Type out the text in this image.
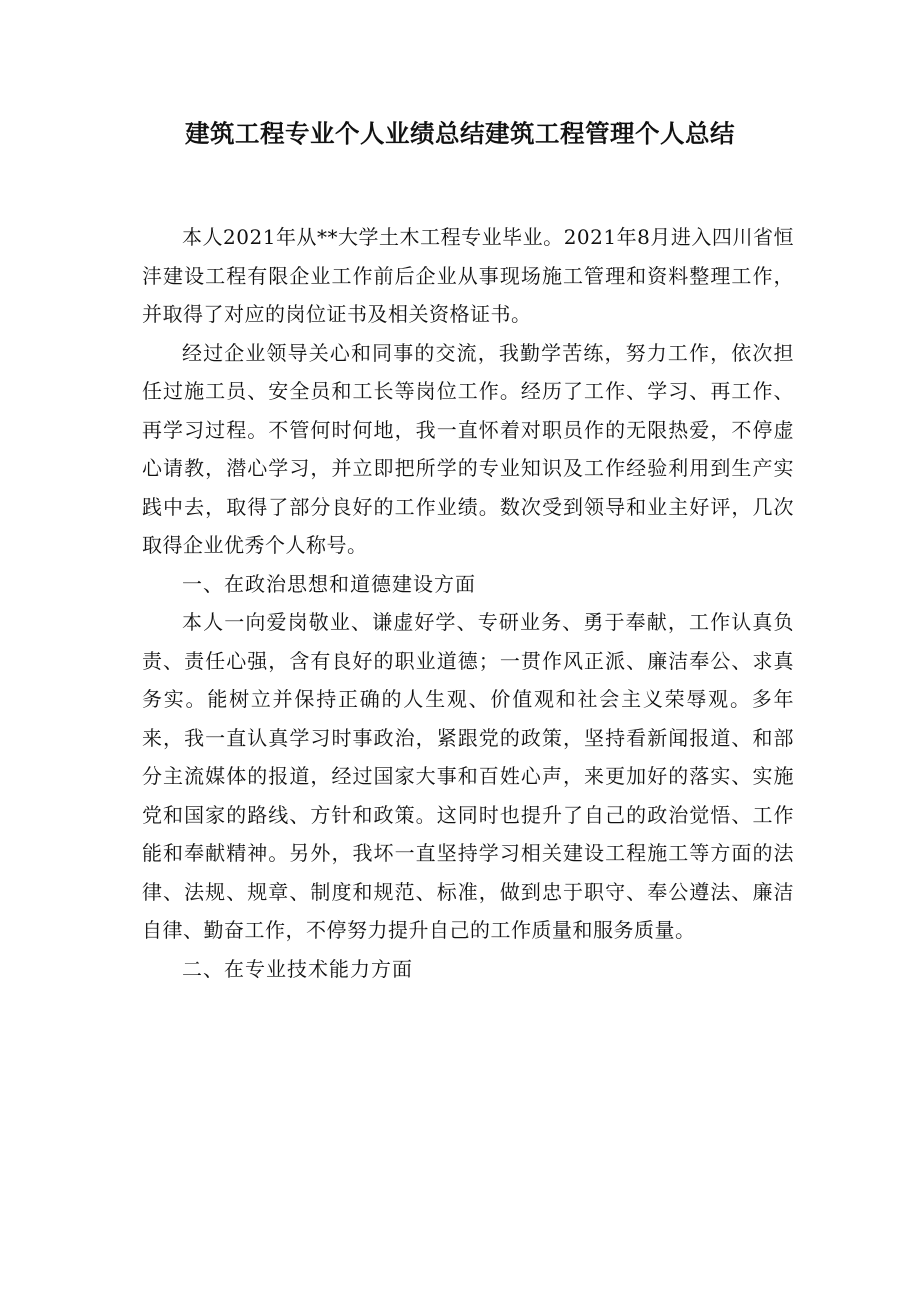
建筑工程专业个人业绩总结建筑工程管理个人总结

本人2021年从**大学土木工程专业毕业。2021年8月进入四川省恒沣建设工程有限企业工作前后企业从事现场施工管理和资料整理工作，并取得了对应的岗位证书及相关资格证书。

经过企业领导关心和同事的交流，我勤学苦练，努力工作，依次担任过施工员、安全员和工长等岗位工作。经历了工作、学习、再工作、再学习过程。不管何时何地，我一直怀着对职员作的无限热爱，不停虚心请教，潜心学习，并立即把所学的专业知识及工作经验利用到生产实践中去，取得了部分良好的工作业绩。数次受到领导和业主好评，几次取得企业优秀个人称号。

一、在政治思想和道德建设方面

本人一向爱岗敬业、谦虚好学、专研业务、勇于奉献，工作认真负责、责任心强，含有良好的职业道德；一贯作风正派、廉洁奉公、求真务实。能树立并保持正确的人生观、价值观和社会主义荣辱观。多年来，我一直认真学习时事政治，紧跟党的政策，坚持看新闻报道、和部分主流媒体的报道，经过国家大事和百姓心声，来更加好的落实、实施党和国家的路线、方针和政策。这同时也提升了自己的政治觉悟、工作能和奉献精神。另外，我坏一直坚持学习相关建设工程施工等方面的法律、法规、规章、制度和规范、标准，做到忠于职守、奉公遵法、廉洁自律、勤奋工作，不停努力提升自己的工作质量和服务质量。

二、在专业技术能力方面
